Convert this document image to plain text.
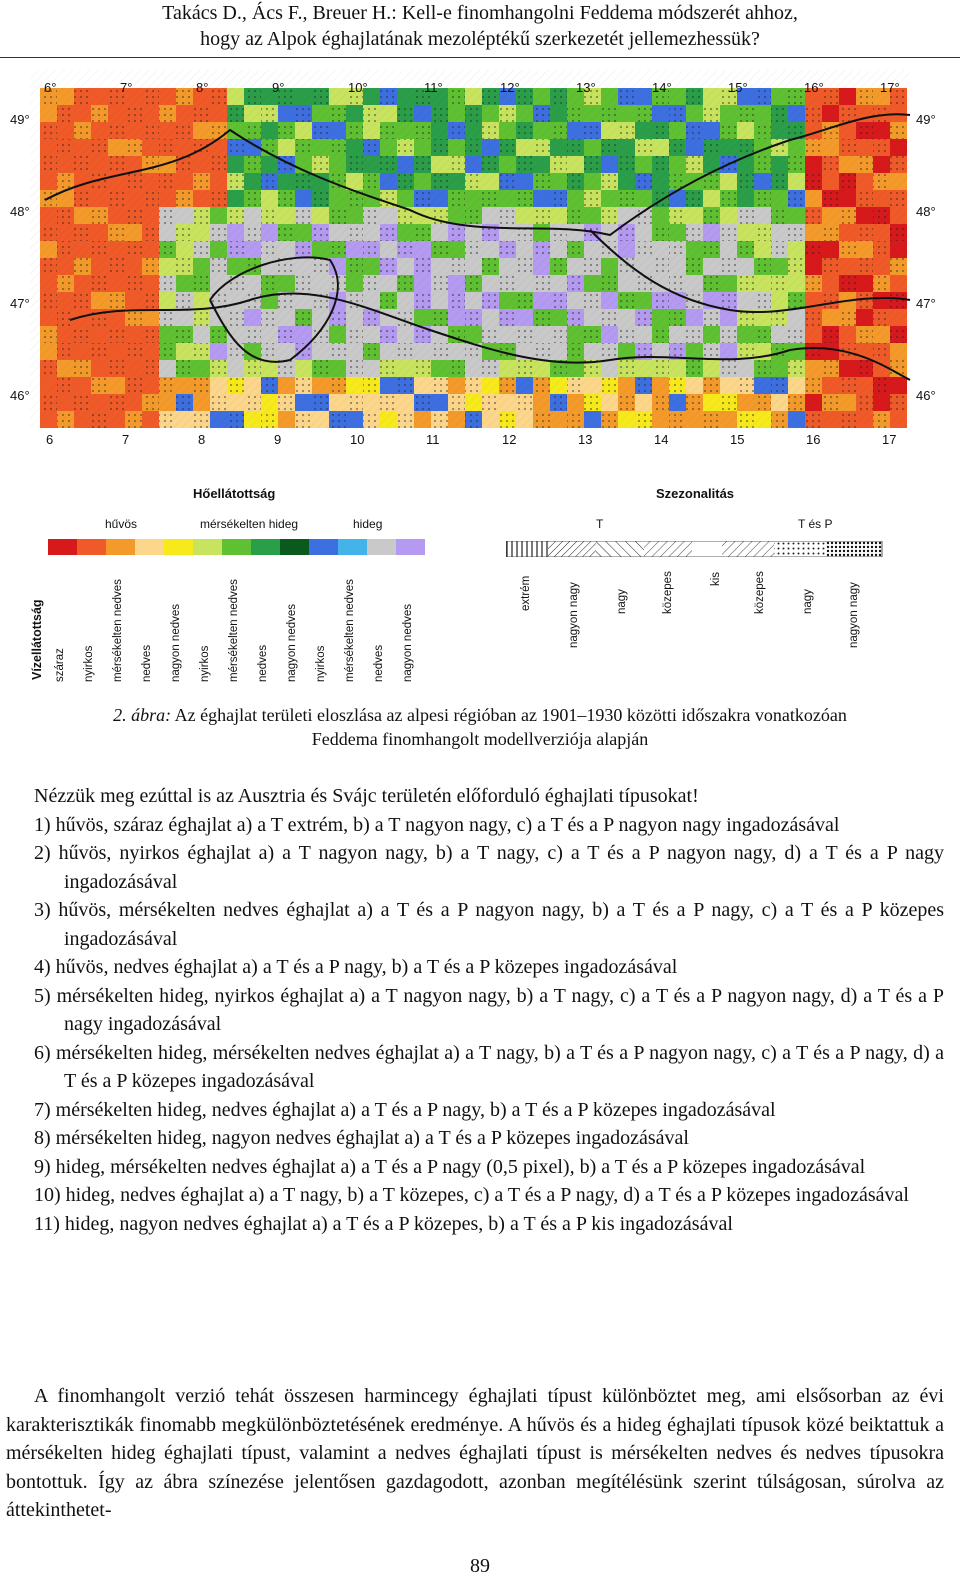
Takács D., Ács F., Breuer H.: Kell-e finomhangolni Feddema módszerét ahhoz,
hogy az Alpok éghajlatának mezoléptékű szerkezetét jellemezhessük?
6°	7°	8°	9°	10°	11°	12°	13°	14°	15°	16°	17°
6	7	8	9	10	11	12	13	14	15	16	17
49°
48°
47°
46°
49°
48°
47°
46°
Hőellátottság
hűvös	mérsékelten hideg	hideg
Vízellátottság száraz nyirkos mérsékelten nedves nedves nagyon nedves nyirkos mérsékelten nedves nedves nagyon nedves nyirkos mérsékelten nedves nedves nagyon nedves
Szezonalitás
T	T és P
extrém	nagyon nagy	nagy	közepes	kis	közepes	nagy	nagyon nagy
2. ábra: Az éghajlat területi eloszlása az alpesi régióban az 1901–1930 közötti időszakra vonatkozóan
Feddema finomhangolt modellverziója alapján
Nézzük meg ezúttal is az Ausztria és Svájc területén előforduló éghajlati típusokat!
1) hűvös, száraz éghajlat a) a T extrém, b) a T nagyon nagy, c) a T és a P nagyon nagy ingadozásával
2) hűvös, nyirkos éghajlat a) a T nagyon nagy, b) a T nagy, c) a T és a P nagyon nagy, d) a T és a P nagy ingadozásával
3) hűvös, mérsékelten nedves éghajlat a) a T és a P nagyon nagy, b) a T és a P nagy, c) a T és a P közepes ingadozásával
4) hűvös, nedves éghajlat a) a T és a P nagy, b) a T és a P közepes ingadozásával
5) mérsékelten hideg, nyirkos éghajlat a) a T nagyon nagy, b) a T nagy, c) a T és a P nagyon nagy, d) a T és a P nagy ingadozásával
6) mérsékelten hideg, mérsékelten nedves éghajlat a) a T nagy, b) a T és a P nagyon nagy, c) a T és a P nagy, d) a T és a P közepes ingadozásával
7) mérsékelten hideg, nedves éghajlat a) a T és a P nagy, b) a T és a P közepes ingadozásával
8) mérsékelten hideg, nagyon nedves éghajlat a) a T és a P közepes ingadozásával
9) hideg, mérsékelten nedves éghajlat a) a T és a P nagy (0,5 pixel), b) a T és a P közepes ingadozásával
10) hideg, nedves éghajlat a) a T nagy, b) a T közepes, c) a T és a P nagy, d) a T és a P közepes ingadozásával
11) hideg, nagyon nedves éghajlat a) a T és a P közepes, b) a T és a P kis ingadozásával
A finomhangolt verzió tehát összesen harmincegy éghajlati típust különböztet meg, ami elsősorban az évi karakterisztikák finomabb megkülönböztetésének eredménye. A hűvös és a hideg éghajlati típusok közé beiktattuk a mérsékelten hideg éghajlati típust, valamint a nedves éghajlati típust is mérsékelten nedves és nedves típusokra bontottuk. Így az ábra színezése jelentősen gazdagodott, azonban megítélésünk szerint túlságosan, súrolva az áttekinthetet-
89
